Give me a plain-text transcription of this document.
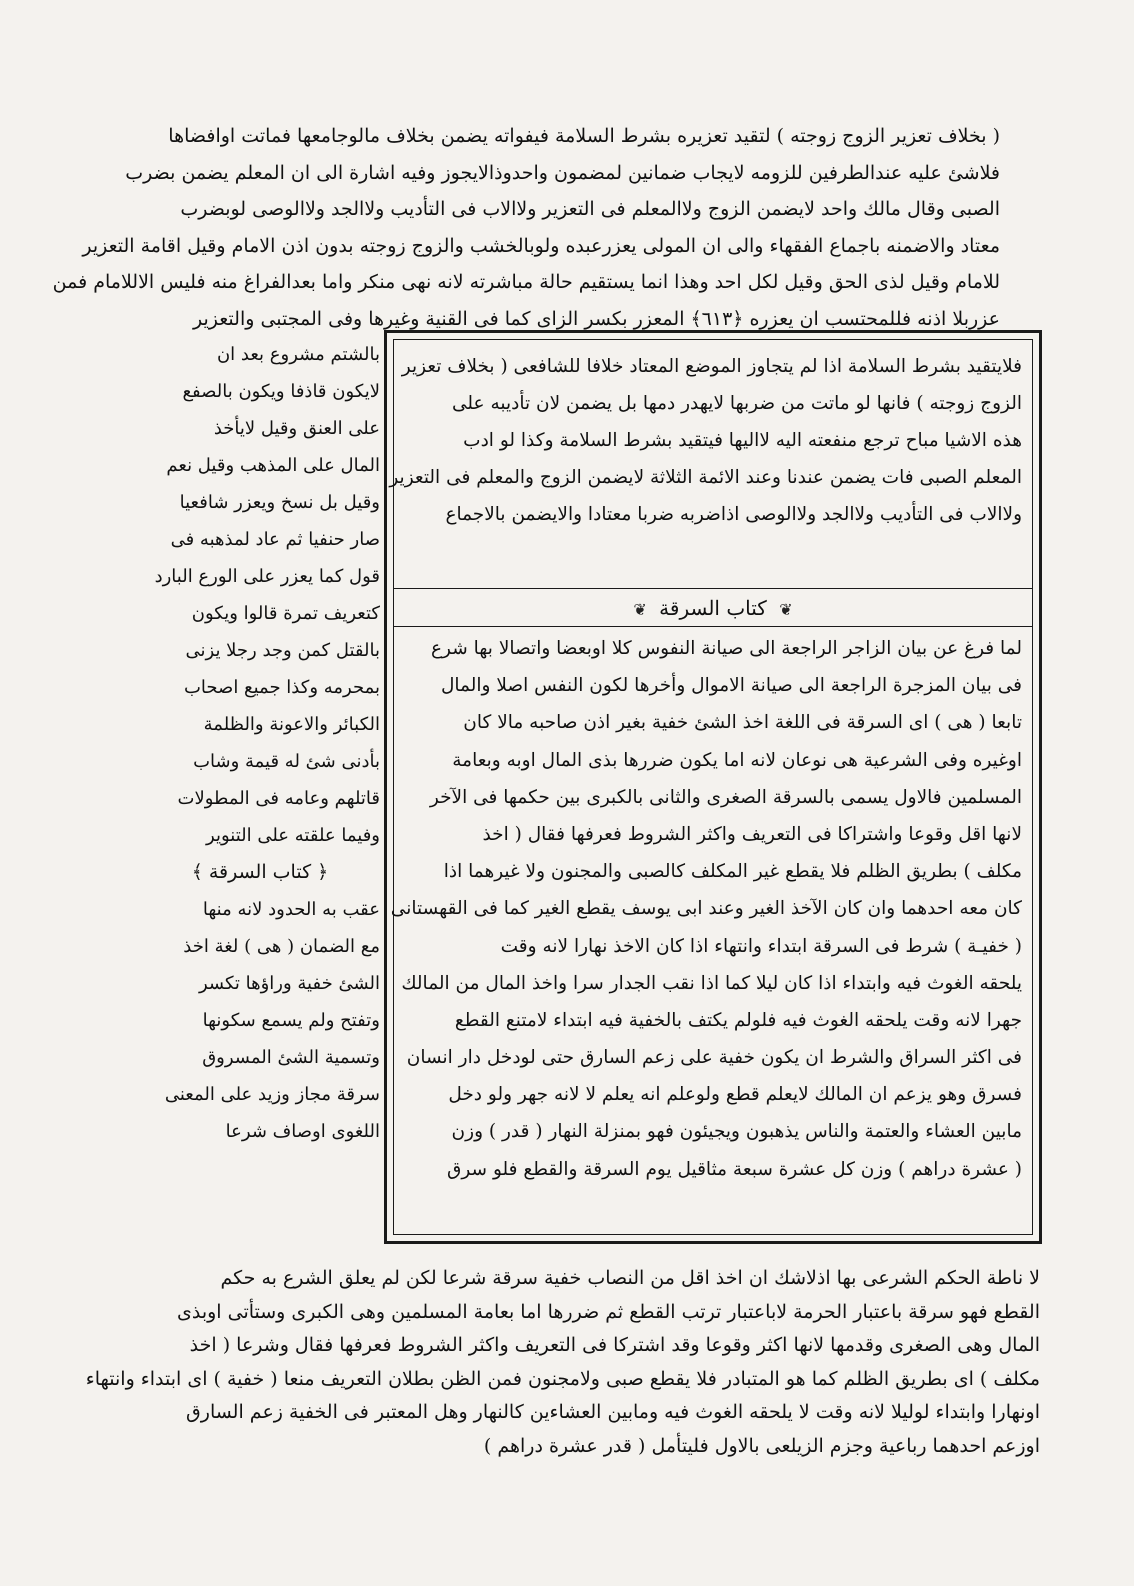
( بخلاف تعزير الزوج زوجته ) لتقيد تعزيره بشرط السلامة فيفواته يضمن بخلاف مالوجامعها فماتت اوافضاها
فلاشئ عليه عندالطرفين للزومه لايجاب ضمانين لمضمون واحدوذالايجوز وفيه اشارة الى ان المعلم يضمن بضرب
الصبى وقال مالك واحد لايضمن الزوج ولاالمعلم فى التعزير ولاالاب فى التأديب ولاالجد ولاالوصى لوبضرب
معتاد والاضمنه باجماع الفقهاء والى ان المولى يعزرعبده ولوبالخشب والزوج زوجته بدون اذن الامام وقيل اقامة التعزير
للامام وقيل لذى الحق وقيل لكل احد وهذا انما يستقيم حالة مباشرته لانه نهى منكر واما بعدالفراغ منه فليس الاللامام فمن
عزربلا اذنه فللمحتسب ان يعزره ﴿٦١٣﴾ المعزر بكسر الزاى كما فى القنية وغيرها وفى المجتبى والتعزير
بالشتم مشروع بعد ان
لايكون قاذفا ويكون بالصفع
على العنق وقيل لايأخذ
المال على المذهب وقيل نعم
وقيل بل نسخ ويعزر شافعيا
صار حنفيا ثم عاد لمذهبه فى
قول كما يعزر على الورع البارد
كتعريف تمرة قالوا ويكون
بالقتل كمن وجد رجلا يزنى
بمحرمه وكذا جميع اصحاب
الكبائر والاعونة والظلمة
بأدنى شئ له قيمة وشاب
قاتلهم وعامه فى المطولات
وفيما علقته على التنوير
﴿ كتاب السرقة ﴾
عقب به الحدود لانه منها
مع الضمان ( هى ) لغة اخذ
الشئ خفية وراؤها تكسر
وتفتح ولم يسمع سكونها
وتسمية الشئ المسروق
سرقة مجاز وزيد على المعنى
اللغوى اوصاف شرعا
فلايتقيد بشرط السلامة اذا لم يتجاوز الموضع المعتاد خلافا للشافعى ( بخلاف تعزير
الزوج زوجته ) فانها لو ماتت من ضربها لايهدر دمها بل يضمن لان تأديبه على
هذه الاشيا مباح ترجع منفعته اليه لااليها فيتقيد بشرط السلامة وكذا لو ادب
المعلم الصبى فات يضمن عندنا وعند الائمة الثلاثة لايضمن الزوج والمعلم فى التعزير
ولاالاب فى التأديب ولاالجد ولاالوصى اذاضربه ضربا معتادا والايضمن بالاجماع
❦ كتاب السرقة ❦
لما فرغ عن بيان الزاجر الراجعة الى صيانة النفوس كلا اوبعضا واتصالا بها شرع
فى بيان المزجرة الراجعة الى صيانة الاموال وأخرها لكون النفس اصلا والمال
تابعا ( هى ) اى السرقة فى اللغة اخذ الشئ خفية بغير اذن صاحبه مالا كان
اوغيره وفى الشرعية هى نوعان لانه اما يكون ضررها بذى المال اوبه وبعامة
المسلمين فالاول يسمى بالسرقة الصغرى والثانى بالكبرى بين حكمها فى الآخر
لانها اقل وقوعا واشتراكا فى التعريف واكثر الشروط فعرفها فقال ( اخذ
مكلف ) بطريق الظلم فلا يقطع غير المكلف كالصبى والمجنون ولا غيرهما اذا
كان معه احدهما وان كان الآخذ الغير وعند ابى يوسف يقطع الغير كما فى القهستانى
( خفيـة ) شرط فى السرقة ابتداء وانتهاء اذا كان الاخذ نهارا لانه وقت
يلحقه الغوث فيه وابتداء اذا كان ليلا كما اذا نقب الجدار سرا واخذ المال من المالك
جهرا لانه وقت يلحقه الغوث فيه فلولم يكتف بالخفية فيه ابتداء لامتنع القطع
فى اكثر السراق والشرط ان يكون خفية على زعم السارق حتى لودخل دار انسان
فسرق وهو يزعم ان المالك لايعلم قطع ولوعلم انه يعلم لا لانه جهر ولو دخل
مابين العشاء والعتمة والناس يذهبون ويجيئون فهو بمنزلة النهار ( قدر ) وزن
( عشرة دراهم ) وزن كل عشرة سبعة مثاقيل يوم السرقة والقطع فلو سرق
لا ناطة الحكم الشرعى بها اذلاشك ان اخذ اقل من النصاب خفية سرقة شرعا لكن لم يعلق الشرع به حكم
القطع فهو سرقة باعتبار الحرمة لاباعتبار ترتب القطع ثم ضررها اما بعامة المسلمين وهى الكبرى وستأتى اوبذى
المال وهى الصغرى وقدمها لانها اكثر وقوعا وقد اشتركا فى التعريف واكثر الشروط فعرفها فقال وشرعا ( اخذ
مكلف ) اى بطريق الظلم كما هو المتبادر فلا يقطع صبى ولامجنون فمن الظن بطلان التعريف منعا ( خفية ) اى ابتداء وانتهاء
اونهارا وابتداء لوليلا لانه وقت لا يلحقه الغوث فيه ومابين العشاءين كالنهار وهل المعتبر فى الخفية زعم السارق
اوزعم احدهما رباعية وجزم الزيلعى بالاول فليتأمل ( قدر عشرة دراهم )
